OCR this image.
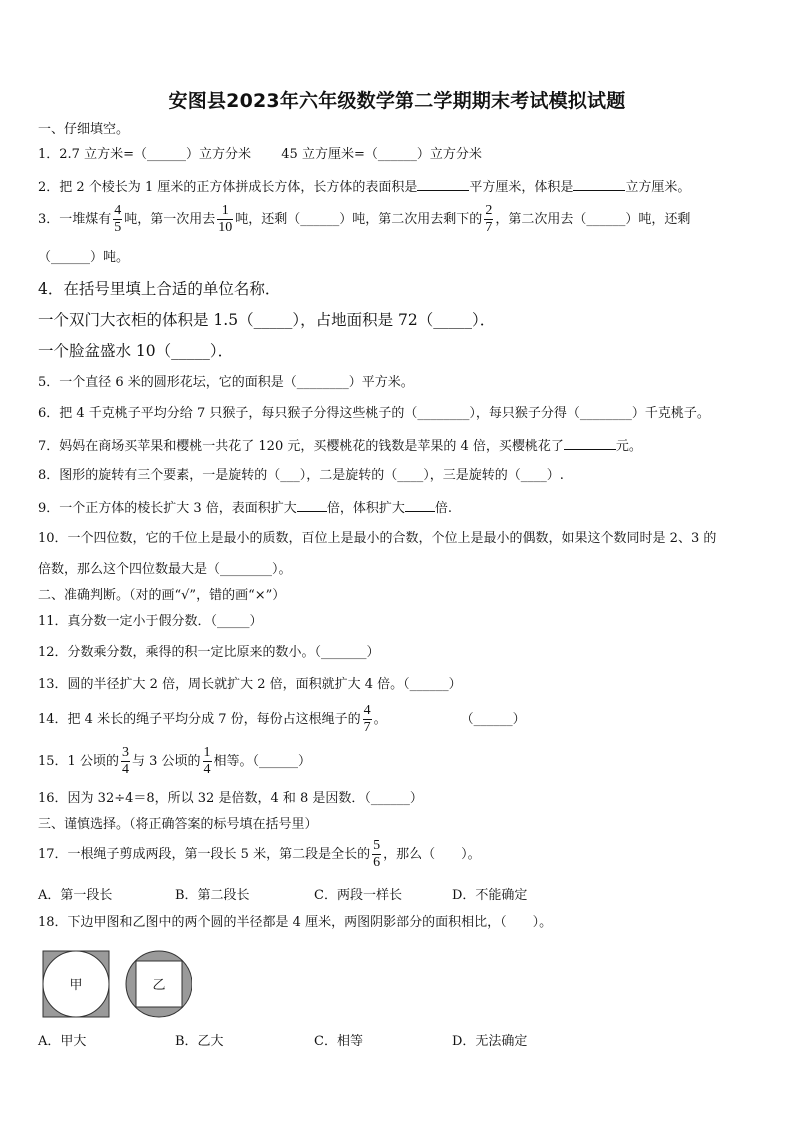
安图县2023年六年级数学第二学期期末考试模拟试题
一、仔细填空。
1．2.7 立方米=（______）立方分米 45 立方厘米=（______）立方分米
2．把 2 个棱长为 1 厘米的正方体拼成长方体，长方体的表面积是	平方厘米，体积是	立方厘米。
3．一堆煤有 $\frac{4}{5}$ 吨，第一次用去 $\frac{1}{10}$ 吨，还剩（______）吨，第二次用去剩下的 $\frac{2}{7}$ ，第二次用去（______）吨，还剩
（______）吨。
4．在括号里填上合适的单位名称．
一个双门大衣柜的体积是 1.5（_____），占地面积是 72（_____）．
一个脸盆盛水 10（_____）．
5．一个直径 6 米的圆形花坛，它的面积是（________）平方米。
6．把 4 千克桃子平均分给 7 只猴子，每只猴子分得这些桃子的（________），每只猴子分得（________）千克桃子。
7．妈妈在商场买苹果和樱桃一共花了 120 元，买樱桃花的钱数是苹果的 4 倍，买樱桃花了	元。
8．图形的旋转有三个要素，一是旋转的（___），二是旋转的（____），三是旋转的（____）.
9．一个正方体的棱长扩大 3 倍，表面积扩大 倍，体积扩大 倍.
10．一个四位数，它的千位上是最小的质数，百位上是最小的合数，个位上是最小的偶数，如果这个数同时是 2、3 的
倍数，那么这个四位数最大是（________）。
二、准确判断。（对的画“√”，错的画“×”）
11．真分数一定小于假分数．（_____）
12．分数乘分数，乘得的积一定比原来的数小。（_______）
13．圆的半径扩大 2 倍，周长就扩大 2 倍，面积就扩大 4 倍。（______）
14．把 4 米长的绳子平均分成 7 份，每份占这根绳子的 $\frac{4}{7}$ 。	（______）
15．1 公顷的 $\frac{3}{4}$ 与 3 公顷的 $\frac{1}{4}$ 相等。（______）
16．因为 32÷4＝8，所以 32 是倍数，4 和 8 是因数．（______）
三、谨慎选择。（将正确答案的标号填在括号里）
17．一根绳子剪成两段，第一段长 5 米，第二段是全长的 $\frac{5}{6}$ ，那么（　　）。
A．第一段长	B．第二段长	C．两段一样长	D．不能确定
18．下边甲图和乙图中的两个圆的半径都是 4 厘米，两图阴影部分的面积相比，（　　）。
甲	乙
A．甲大	B．乙大	C．相等	D．无法确定
